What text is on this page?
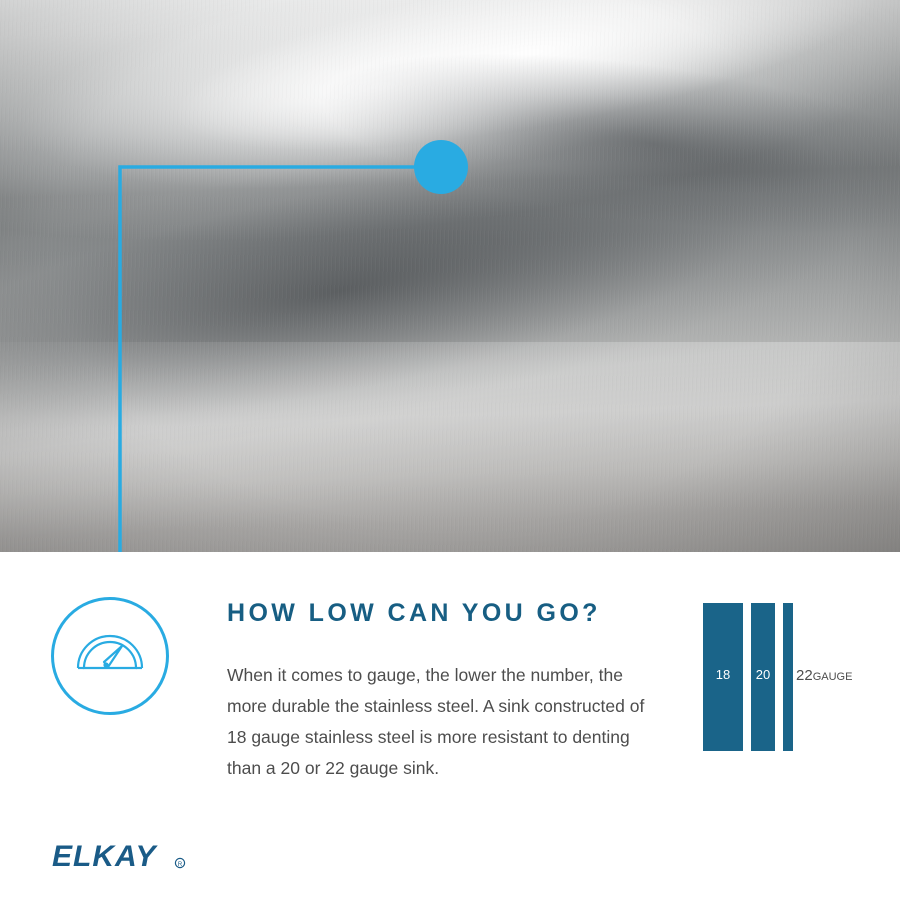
HOW LOW CAN YOU GO?
When it comes to gauge, the lower the number, the more durable the stainless steel. A sink constructed of 18 gauge stainless steel is more resistant to denting than a 20 or 22 gauge sink.
18	20	22GAUGE
ELKAY	R
